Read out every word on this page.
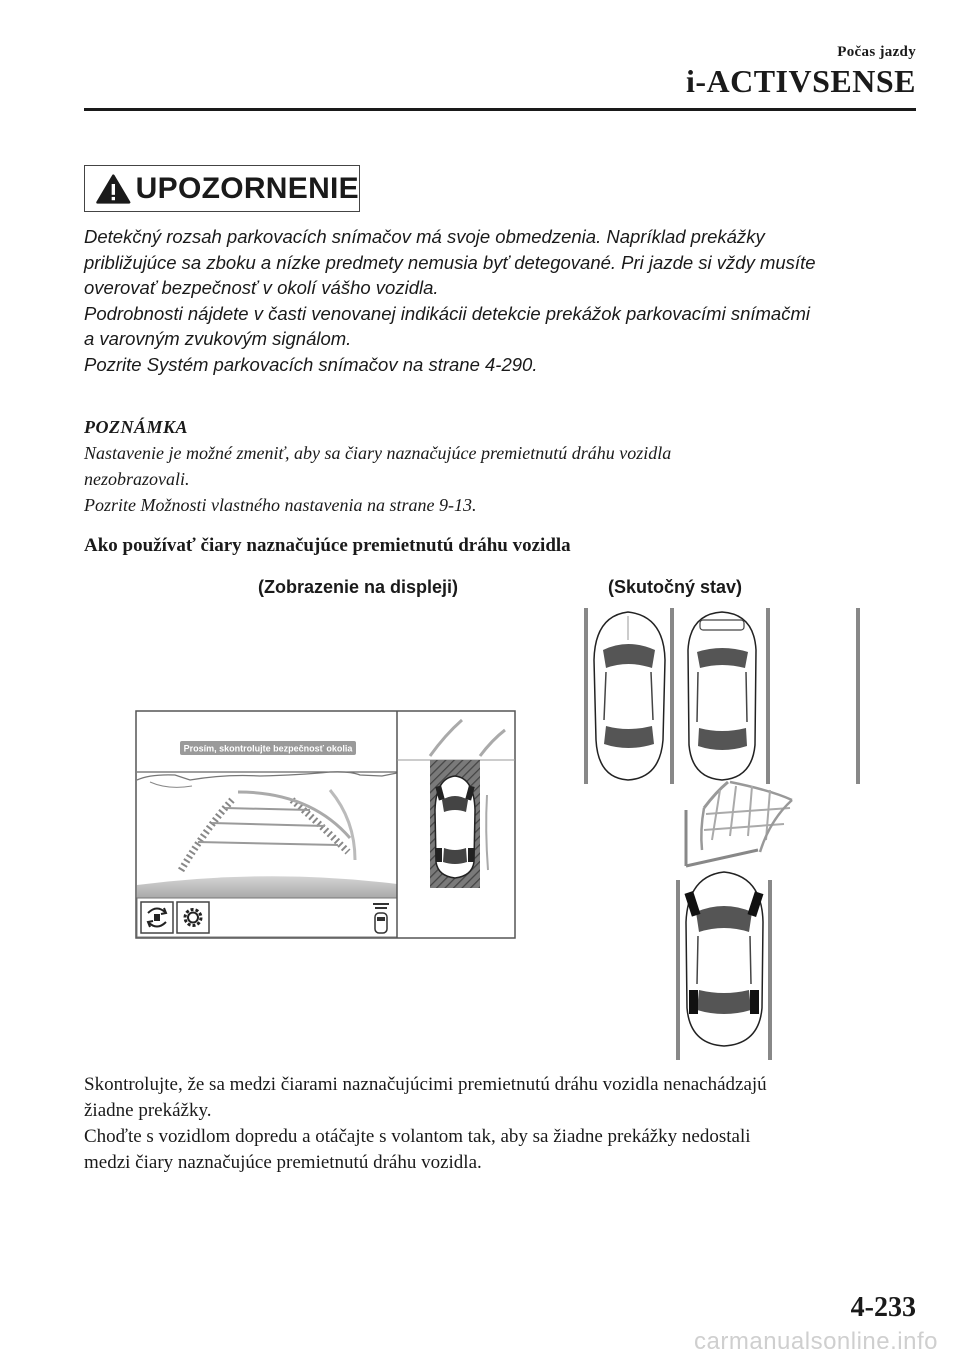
Počas jazdy
i-ACTIVSENSE
UPOZORNENIE

Detekčný rozsah parkovacích snímačov má svoje obmedzenia. Napríklad prekážky

približujúce sa zboku a nízke predmety nemusia byť detegované. Pri jazde si vždy musíte

overovať bezpečnosť v okolí vášho vozidla.

Podrobnosti nájdete v časti venovanej indikácii detekcie prekážok parkovacími snímačmi

a varovným zvukovým signálom.

Pozrite Systém parkovacích snímačov na strane 4-290.

POZNÁMKA

Nastavenie je možné zmeniť, aby sa čiary naznačujúce premietnutú dráhu vozidla

nezobrazovali.

Pozrite Možnosti vlastného nastavenia na strane 9-13.

Ako používať čiary naznačujúce premietnutú dráhu vozidla
(Zobrazenie na displeji)	(Skutočný stav)
Prosím, skontrolujte bezpečnosť okolia

Skontrolujte, že sa medzi čiarami naznačujúcimi premietnutú dráhu vozidla nenachádzajú

žiadne prekážky.

Choďte s vozidlom dopredu a otáčajte s volantom tak, aby sa žiadne prekážky nedostali

medzi čiary naznačujúce premietnutú dráhu vozidla.

4-233
carmanualsonline.info
